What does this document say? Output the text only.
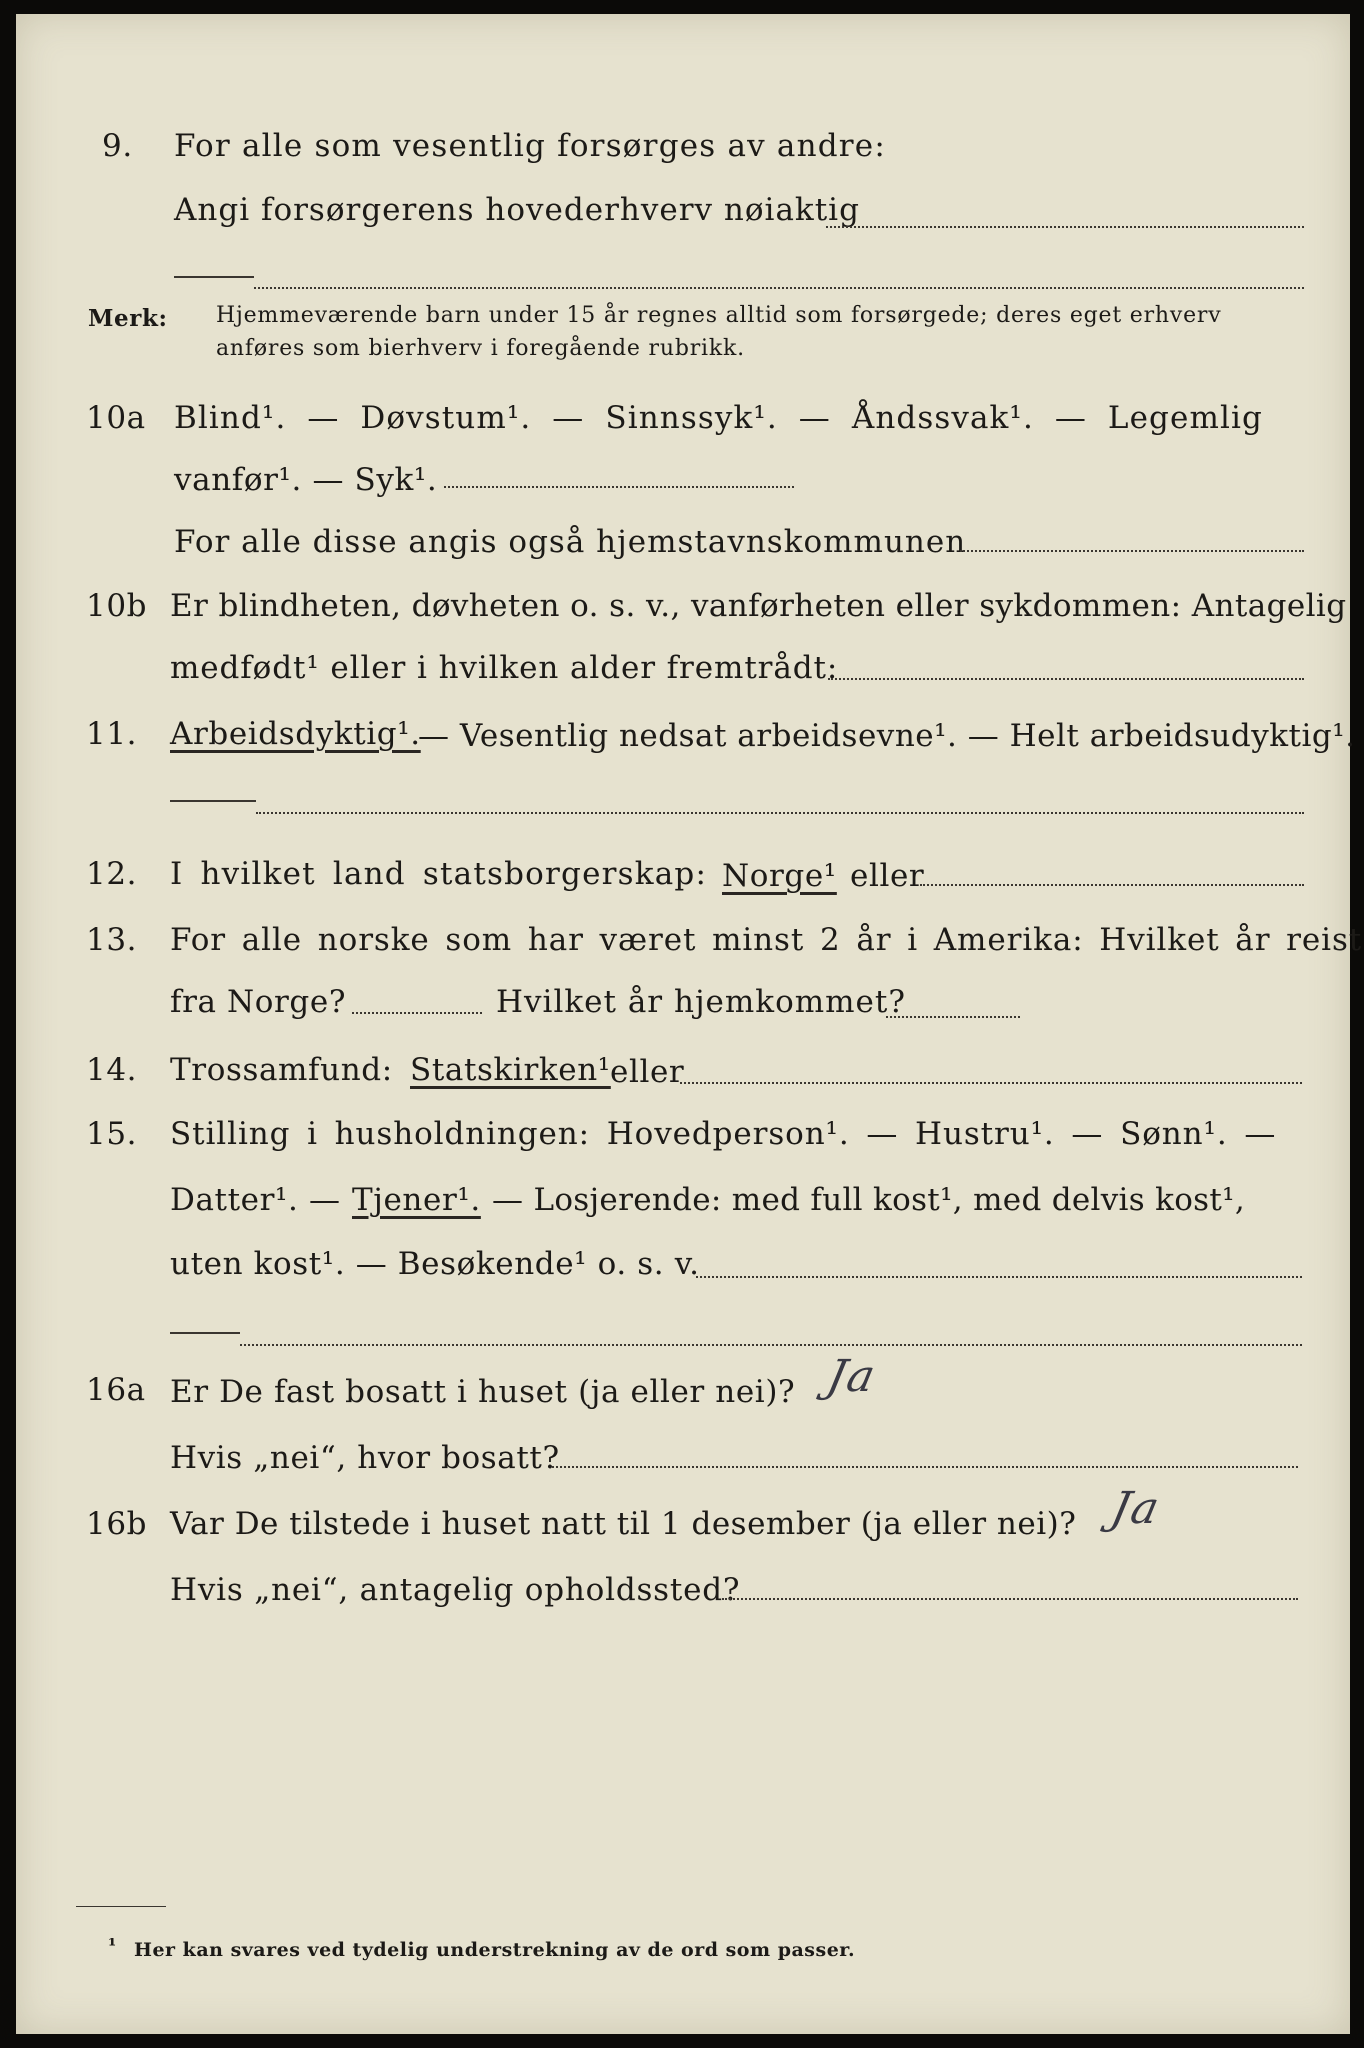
9. For alle som vesentlig forsørges av andre:
Angi forsørgerens hovederhverv nøiaktig
Merk: Hjemmeværende barn under 15 år regnes alltid som forsørgede; deres eget erhverv
anføres som bierhverv i foregående rubrikk.
10a Blind¹. — Døvstum¹. — Sinnssyk¹. — Åndssvak¹. — Legemlig
vanfør¹. — Syk¹.
For alle disse angis også hjemstavnskommunen
10b Er blindheten, døvheten o. s. v., vanførheten eller sykdommen: Antagelig
medfødt¹ eller i hvilken alder fremtrådt:
11. Arbeidsdyktig¹.
— Vesentlig nedsat arbeidsevne¹. — Helt arbeidsudyktig¹.
12. I hvilket land statsborgerskap: Norge¹ eller
13. For alle norske som har været minst 2 år i Amerika: Hvilket år reist
fra Norge?	Hvilket år hjemkommet?
14. Trossamfund: Statskirken¹ eller
15. Stilling i husholdningen: Hovedperson¹. — Hustru¹. — Sønn¹. —
Datter¹. — Tjener¹. — Losjerende: med full kost¹, med delvis kost¹,
uten kost¹. — Besøkende¹ o. s. v.
16a Er De fast bosatt i huset (ja eller nei)? Ja
Hvis „nei“, hvor bosatt?
16b Var De tilstede i huset natt til 1 desember (ja eller nei)? Ja
Hvis „nei“, antagelig opholdssted?
¹ Her kan svares ved tydelig understrekning av de ord som passer.
